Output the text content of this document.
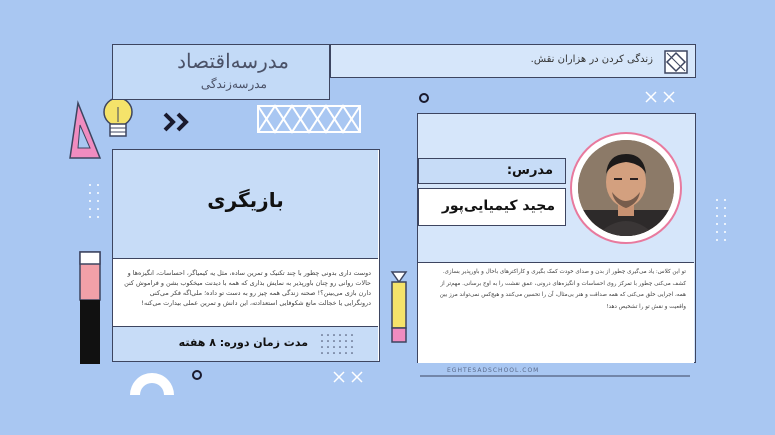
مدرسه‌اقتصاد
مدرسه‌زندگی
زندگی کردن در هزاران نقش.
بازیگری
دوست داری بدونی چطور با چند تکنیک و تمرین ساده، مثل یه کیمیاگر، احساسات، انگیزه‌ها و حالات روانی رو چنان باورپذیر به نمایش بذاری که همه با دیدنت میخکوب بشن و فراموش کنن دارن بازی می‌بینن؟! صحنه زندگی همه چیز رو به دست تو داده؛ ملی‌اگه فکر می‌کنی درونگرایی یا خجالت مانع شکوفایی استعدادته، این دانش و تمرین عملی بیدارت می‌کنه!
مدت زمان دوره: ۸ هفته
مدرس:
مجید کیمیایی‌پور
تو این کلاس: یاد می‌گیری چطور از بدن و صدای خودت کمک بگیری و کاراکترهای باحال و باورپذیر بسازی. کشف می‌کنی چطور با تمرکز روی احساسات و انگیزه‌های درونی، عمق نقشت را به اوج برسانی. مهم‌تر از همه، اجرایی خلق می‌کنی که همه صداقت و هنر بی‌مثال، آن را تحسین می‌کنند و هیچ‌کس نمی‌تواند مرز بین واقعیت و نقش تو را تشخیص دهد!
EGHTESADSCHOOL.COM
